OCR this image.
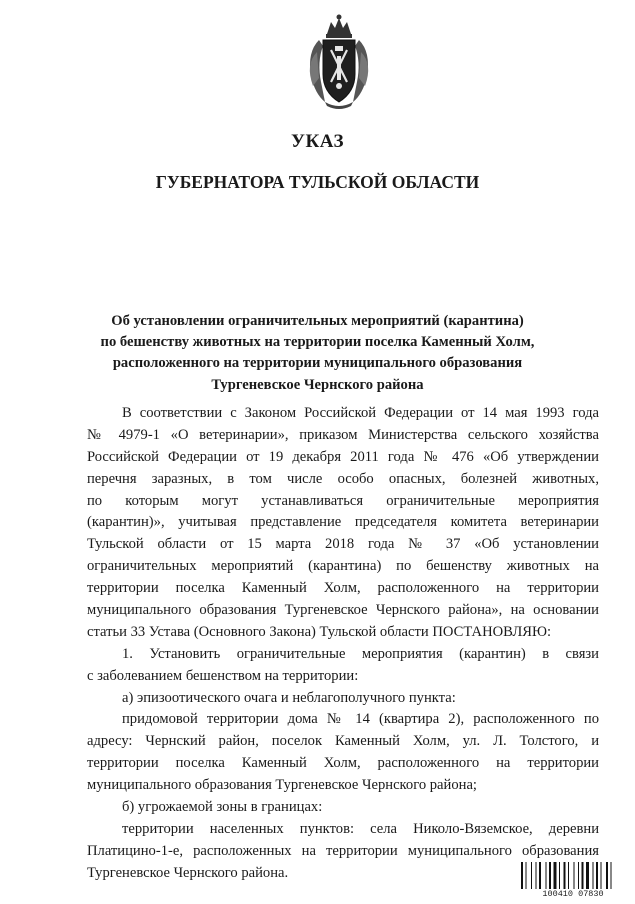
УКАЗ
ГУБЕРНАТОРА ТУЛЬСКОЙ ОБЛАСТИ
Об установлении ограничительных мероприятий (карантина)
по бешенству животных на территории поселка Каменный Холм,
расположенного на территории муниципального образования
Тургеневское Чернского района
В соответствии с Законом Российской Федерации от 14 мая 1993 года
№ 4979-1 «О ветеринарии», приказом Министерства сельского хозяйства
Российской Федерации от 19 декабря 2011 года № 476 «Об утверждении
перечня заразных, в том числе особо опасных, болезней животных,
по которым могут устанавливаться ограничительные мероприятия
(карантин)», учитывая представление председателя комитета ветеринарии
Тульской области от 15 марта 2018 года № 37 «Об установлении
ограничительных мероприятий (карантина) по бешенству животных на
территории поселка Каменный Холм, расположенного на территории
муниципального образования Тургеневское Чернского района», на основании
статьи 33 Устава (Основного Закона) Тульской области ПОСТАНОВЛЯЮ:
1. Установить ограничительные мероприятия (карантин) в связи
с заболеванием бешенством на территории:
а) эпизоотического очага и неблагополучного пункта:
придомовой территории дома № 14 (квартира 2), расположенного по
адресу: Чернский район, поселок Каменный Холм, ул. Л. Толстого, и
территории поселка Каменный Холм, расположенного на территории
муниципального образования Тургеневское Чернского района;
б) угрожаемой зоны в границах:
территории населенных пунктов: села Николо-Вяземское, деревни
Платицино-1-е, расположенных на территории муниципального образования
Тургеневское Чернского района.
100410 07830
